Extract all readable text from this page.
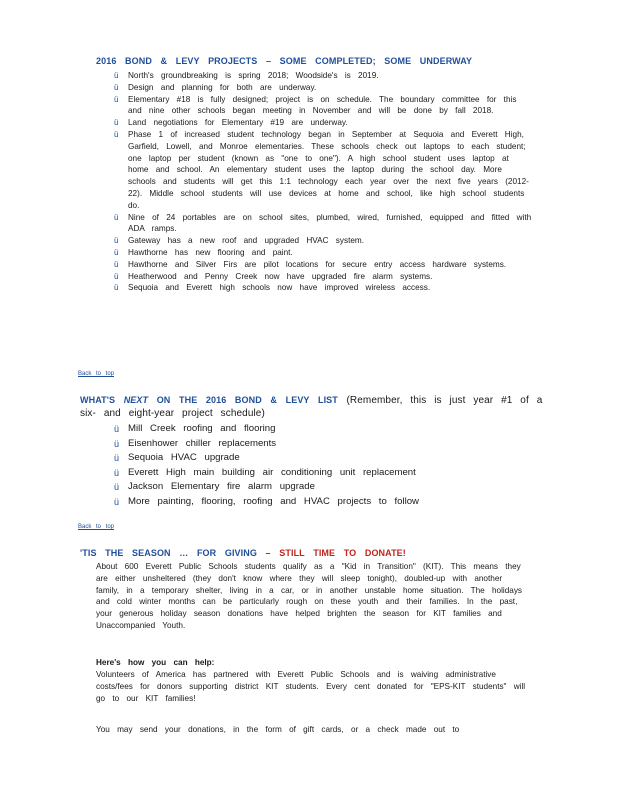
2016 BOND & LEVY PROJECTS – SOME COMPLETED; SOME UNDERWAY
ü North's groundbreaking is spring 2018; Woodside's is 2019.
ü Design and planning for both are underway.
ü Elementary #18 is fully designed; project is on schedule. The boundary committee for this and nine other schools began meeting in November and will be done by fall 2018.
ü Land negotiations for Elementary #19 are underway.
ü Phase 1 of increased student technology began in September at Sequoia and Everett High, Garfield, Lowell, and Monroe elementaries. These schools check out laptops to each student; one laptop per student (known as "one to one"). A high school student uses laptop at home and school. An elementary student uses the laptop during the school day. More schools and students will get this 1:1 technology each year over the next five years (2012-22). Middle school students will use devices at home and school, like high school students do.
ü Nine of 24 portables are on school sites, plumbed, wired, furnished, equipped and fitted with ADA ramps.
ü Gateway has a new roof and upgraded HVAC system.
ü Hawthorne has new flooring and paint.
ü Hawthorne and Silver Firs are pilot locations for secure entry access hardware systems.
ü Heatherwood and Penny Creek now have upgraded fire alarm systems.
ü Sequoia and Everett high schools now have improved wireless access.
Back to top
WHAT'S NEXT ON THE 2016 BOND & LEVY LIST (Remember, this is just year #1 of a
six- and eight-year project schedule)
ü Mill Creek roofing and flooring
ü Eisenhower chiller replacements
ü Sequoia HVAC upgrade
ü Everett High main building air conditioning unit replacement
ü Jackson Elementary fire alarm upgrade
ü More painting, flooring, roofing and HVAC projects to follow
Back to top
'TIS THE SEASON … FOR GIVING – STILL TIME TO DONATE!

About 600 Everett Public Schools students qualify as a "Kid in Transition" (KIT). This means they are either unsheltered (they don't know where they will sleep tonight), doubled-up with another family, in a temporary shelter, living in a car, or in another unstable home situation. The holidays and cold winter months can be particularly rough on these youth and their families. In the past, your generous holiday season donations have helped brighten the season for KIT families and Unaccompanied Youth.

Here's how you can help:

Volunteers of America has partnered with Everett Public Schools and is waiving administrative costs/fees for donors supporting district KIT students. Every cent donated for "EPS-KIT students" will go to our KIT families!

You may send your donations, in the form of gift cards, or a check made out to
